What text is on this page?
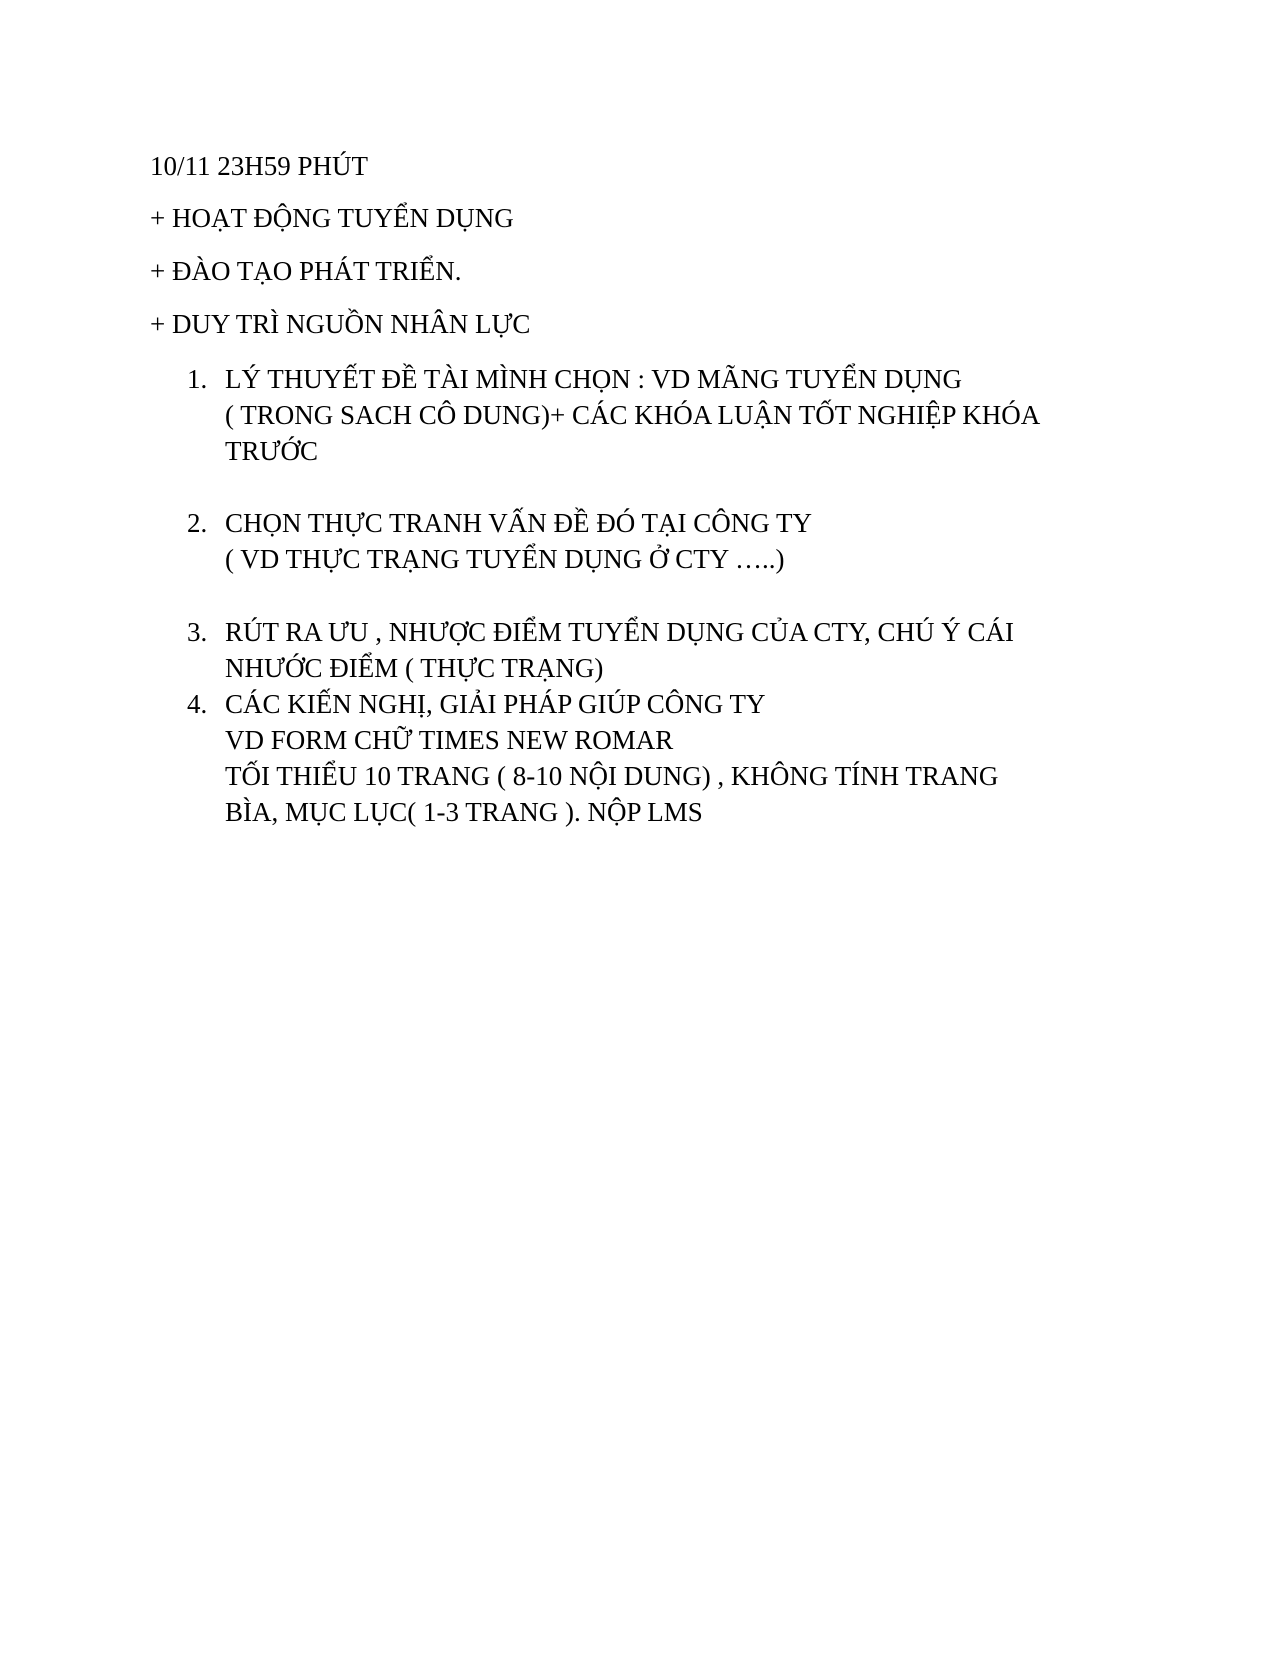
10/11 23H59 PHÚT
+ HOẠT ĐỘNG TUYỂN DỤNG
+ ĐÀO TẠO PHÁT TRIỂN.
+ DUY TRÌ NGUỒN NHÂN LỰC
1. LÝ THUYẾT ĐỀ TÀI MÌNH CHỌN : VD MÃNG TUYỂN DỤNG
( TRONG SACH CÔ DUNG)+ CÁC KHÓA LUẬN TỐT NGHIỆP KHÓA
TRƯỚC
2. CHỌN THỰC TRANH VẤN ĐỀ ĐÓ TẠI CÔNG TY
( VD THỰC TRẠNG TUYỂN DỤNG Ở CTY …..)
3. RÚT RA ƯU , NHƯỢC ĐIỂM TUYỂN DỤNG CỦA CTY, CHÚ Ý CÁI
NHƯỚC ĐIỂM ( THỰC TRẠNG)
4. CÁC KIẾN NGHỊ, GIẢI PHÁP GIÚP CÔNG TY
VD FORM CHỮ TIMES NEW ROMAR
TỐI THIỂU 10 TRANG ( 8-10 NỘI DUNG) , KHÔNG TÍNH TRANG
BÌA, MỤC LỤC( 1-3 TRANG ). NỘP LMS
